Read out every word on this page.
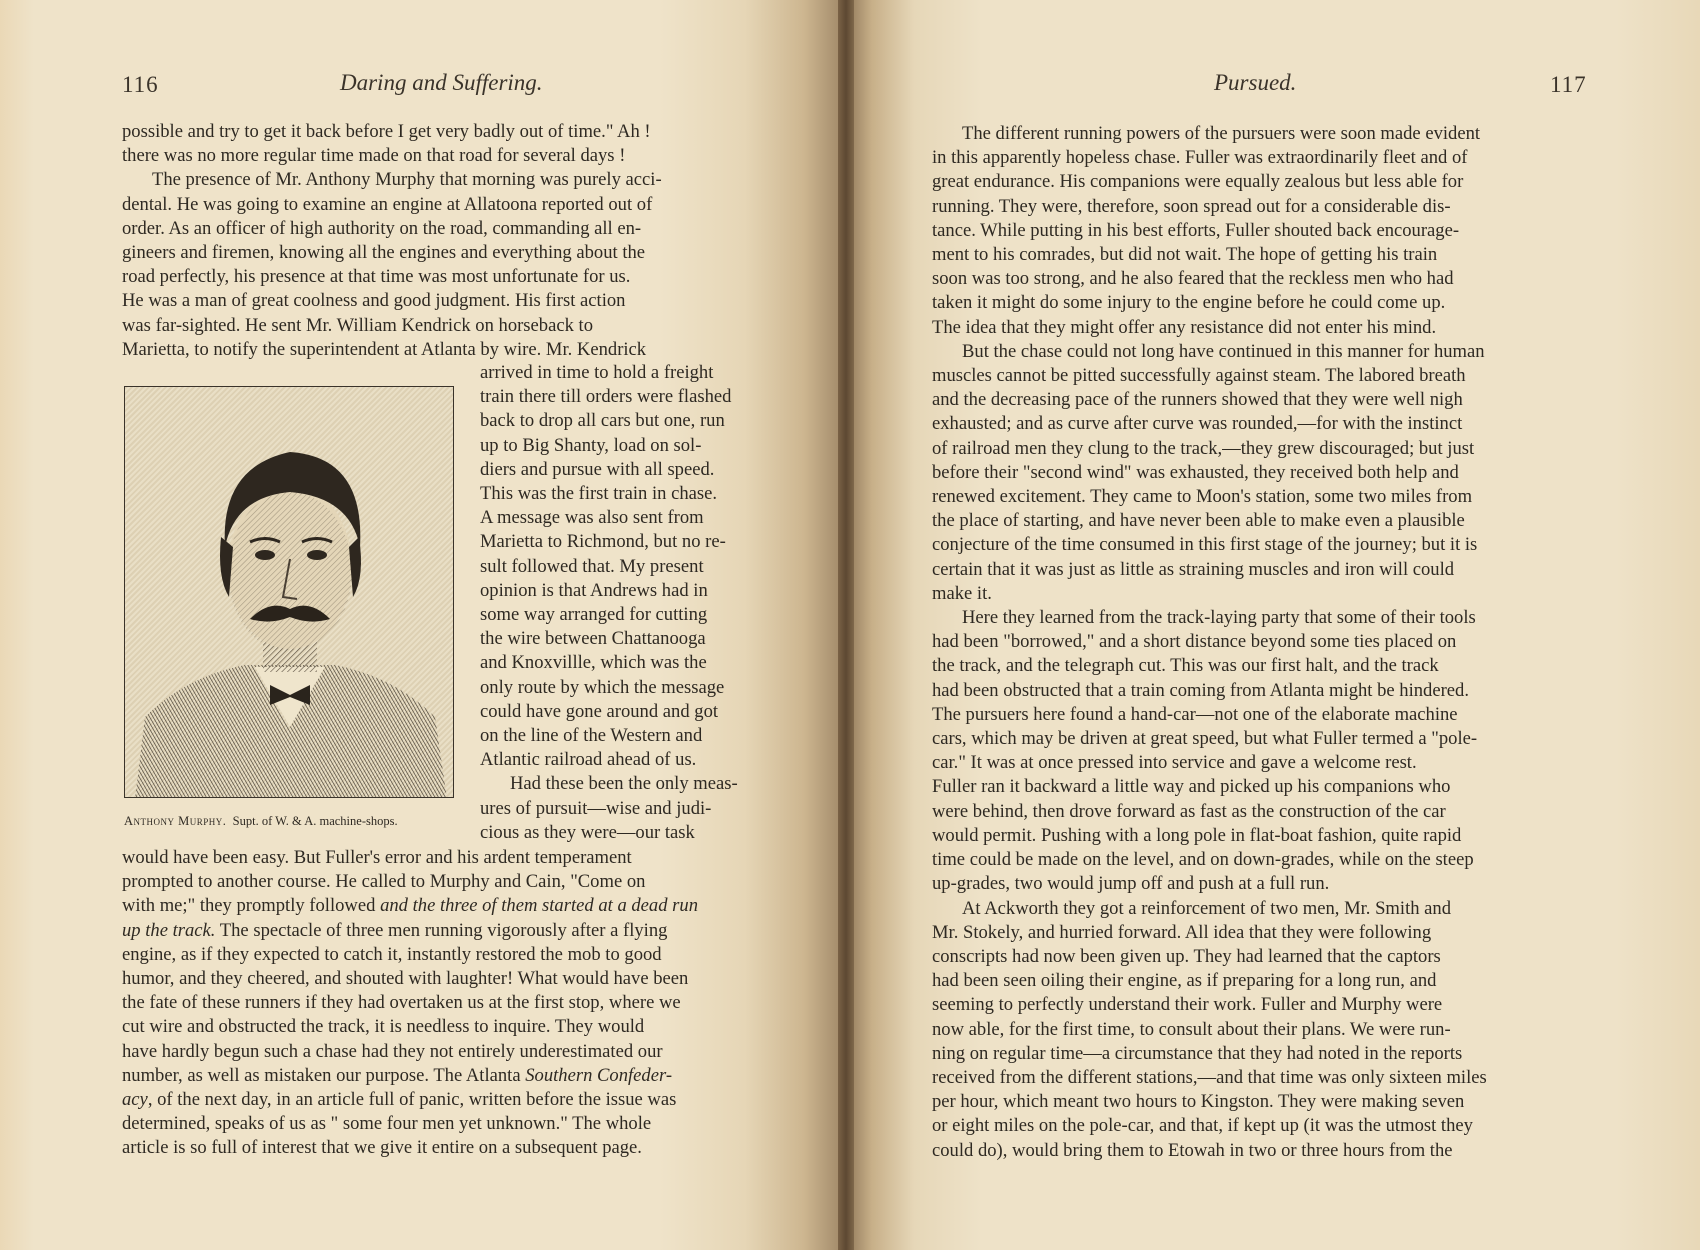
116	Daring and Suffering.

possible and try to get it back before I get very badly out of time." Ah !

there was no more regular time made on that road for several days !

The presence of Mr. Anthony Murphy that morning was purely acci-

dental. He was going to examine an engine at Allatoona reported out of

order. As an officer of high authority on the road, commanding all en-

gineers and firemen, knowing all the engines and everything about the

road perfectly, his presence at that time was most unfortunate for us.

He was a man of great coolness and good judgment. His first action

was far-sighted. He sent Mr. William Kendrick on horseback to

Marietta, to notify the superintendent at Atlanta by wire. Mr. Kendrick

Anthony Murphy. Supt. of W. & A. machine-shops.

arrived in time to hold a freight

train there till orders were flashed

back to drop all cars but one, run

up to Big Shanty, load on sol-

diers and pursue with all speed.

This was the first train in chase.

A message was also sent from

Marietta to Richmond, but no re-

sult followed that. My present

opinion is that Andrews had in

some way arranged for cutting

the wire between Chattanooga

and Knoxvillle, which was the

only route by which the message

could have gone around and got

on the line of the Western and

Atlantic railroad ahead of us.

Had these been the only meas-

ures of pursuit—wise and judi-

cious as they were—our task

would have been easy. But Fuller's error and his ardent temperament

prompted to another course. He called to Murphy and Cain, "Come on

with me;" they promptly followed and the three of them started at a dead run

up the track. The spectacle of three men running vigorously after a flying

engine, as if they expected to catch it, instantly restored the mob to good

humor, and they cheered, and shouted with laughter! What would have been

the fate of these runners if they had overtaken us at the first stop, where we

cut wire and obstructed the track, it is needless to inquire. They would

have hardly begun such a chase had they not entirely underestimated our

number, as well as mistaken our purpose. The Atlanta Southern Confeder-

acy, of the next day, in an article full of panic, written before the issue was

determined, speaks of us as " some four men yet unknown." The whole

article is so full of interest that we give it entire on a subsequent page.

Pursued.	117

The different running powers of the pursuers were soon made evident

in this apparently hopeless chase. Fuller was extraordinarily fleet and of

great endurance. His companions were equally zealous but less able for

running. They were, therefore, soon spread out for a considerable dis-

tance. While putting in his best efforts, Fuller shouted back encourage-

ment to his comrades, but did not wait. The hope of getting his train

soon was too strong, and he also feared that the reckless men who had

taken it might do some injury to the engine before he could come up.

The idea that they might offer any resistance did not enter his mind.

But the chase could not long have continued in this manner for human

muscles cannot be pitted successfully against steam. The labored breath

and the decreasing pace of the runners showed that they were well nigh

exhausted; and as curve after curve was rounded,—for with the instinct

of railroad men they clung to the track,—they grew discouraged; but just

before their "second wind" was exhausted, they received both help and

renewed excitement. They came to Moon's station, some two miles from

the place of starting, and have never been able to make even a plausible

conjecture of the time consumed in this first stage of the journey; but it is

certain that it was just as little as straining muscles and iron will could

make it.

Here they learned from the track-laying party that some of their tools

had been "borrowed," and a short distance beyond some ties placed on

the track, and the telegraph cut. This was our first halt, and the track

had been obstructed that a train coming from Atlanta might be hindered.

The pursuers here found a hand-car—not one of the elaborate machine

cars, which may be driven at great speed, but what Fuller termed a "pole-

car." It was at once pressed into service and gave a welcome rest.

Fuller ran it backward a little way and picked up his companions who

were behind, then drove forward as fast as the construction of the car

would permit. Pushing with a long pole in flat-boat fashion, quite rapid

time could be made on the level, and on down-grades, while on the steep

up-grades, two would jump off and push at a full run.

At Ackworth they got a reinforcement of two men, Mr. Smith and

Mr. Stokely, and hurried forward. All idea that they were following

conscripts had now been given up. They had learned that the captors

had been seen oiling their engine, as if preparing for a long run, and

seeming to perfectly understand their work. Fuller and Murphy were

now able, for the first time, to consult about their plans. We were run-

ning on regular time—a circumstance that they had noted in the reports

received from the different stations,—and that time was only sixteen miles

per hour, which meant two hours to Kingston. They were making seven

or eight miles on the pole-car, and that, if kept up (it was the utmost they

could do), would bring them to Etowah in two or three hours from the
